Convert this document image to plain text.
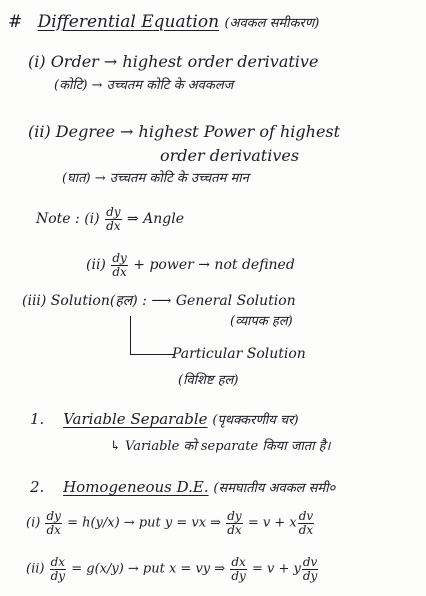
# Differential Equation (अवकल समीकरण)
(i) Order → highest order derivative
(कोटि) → उच्चतम कोटि के अवकलज
(ii) Degree → highest Power of highest
order derivatives
(घात) → उच्चतम कोटि के उच्चतम मान
Note : $(i) \frac{dy}{dx}$ ⇒ Angle
$(ii) \frac{dy}{dx}$ + power → not defined
(iii) Solution(हल) : ⟶ General Solution
(व्यापक हल)
Particular Solution
(विशिष्ट हल)
1. Variable Separable (पृथक्करणीय चर)
↳ Variable को separate किया जाता है।
2. Homogeneous D.E. (समघातीय अवकल समी०
$(i) \frac{dy}{dx} = h(y/x)$ → put y = vx ⇒ $\frac{dy}{dx} = v + x \frac{dv}{dx}$
$(ii) \frac{dx}{dy} = g(x/y)$ → put x = vy ⇒ $\frac{dx}{dy} = v + y \frac{dv}{dy}$
